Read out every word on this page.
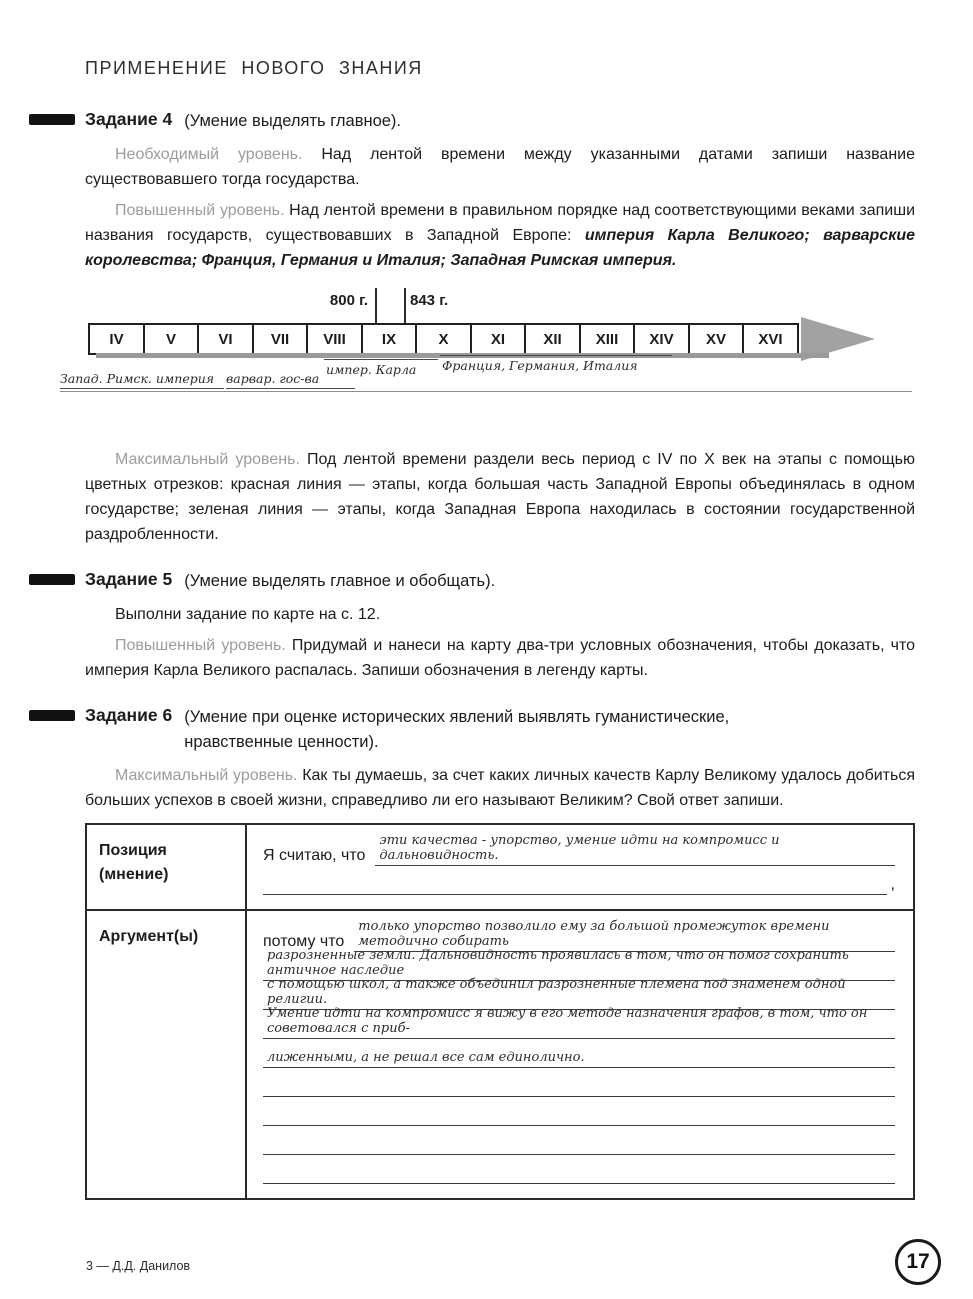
ПРИМЕНЕНИЕ НОВОГО ЗНАНИЯ
Задание 4 (Умение выделять главное).

Необходимый уровень. Над лентой времени между указанными датами запиши название существовавшего тогда государства.

Повышенный уровень. Над лентой времени в правильном порядке над соответствующими веками запиши названия государств, существовавших в Западной Европе: империя Карла Великого; варварские королевства; Франция, Германия и Италия; Западная Римская империя.

800 г.	843 г.
IV	V	VI	VII	VIII	IX	X	XI	XII	XIII	XIV	XV	XVI
Запад. Римск. империя варвар. гос-ва
импер. Карла	Франция, Германия, Италия

Максимальный уровень. Под лентой времени раздели весь период с IV по X век на этапы с помощью цветных отрезков: красная линия — этапы, когда большая часть Западной Европы объединялась в одном государстве; зеленая линия — этапы, когда Западная Европа находилась в состоянии государственной раздробленности.

Задание 5 (Умение выделять главное и обобщать).

Выполни задание по карте на с. 12.

Повышенный уровень. Придумай и нанеси на карту два-три условных обозначения, чтобы доказать, что империя Карла Великого распалась. Запиши обозначения в легенду карты.

Задание 6 (Умение при оценке исторических явлений выявлять гуманистические, нравственные ценности).

Максимальный уровень. Как ты думаешь, за счет каких личных качеств Карлу Великому удалось добиться больших успехов в своей жизни, справедливо ли его называют Великим? Свой ответ запиши.

Позиция (мнение)
Я считаю, что
эти качества - упорство, умение идти на компромисс и дальновидность.

,
Аргумент(ы)	потому что
только упорство позволило ему за большой промежуток времени методично собирать
разрозненные земли. Дальновидность проявилась в том, что он помог сохранить античное наследие
с помощью школ, а также объединил разрозненные племена под знаменем одной религии.
Умение идти на компромисс я вижу в его методе назначения графов, в том, что он советовался с приб-
лиженными, а не решал все сам единолично.

3 — Д.Д. Данилов	17
